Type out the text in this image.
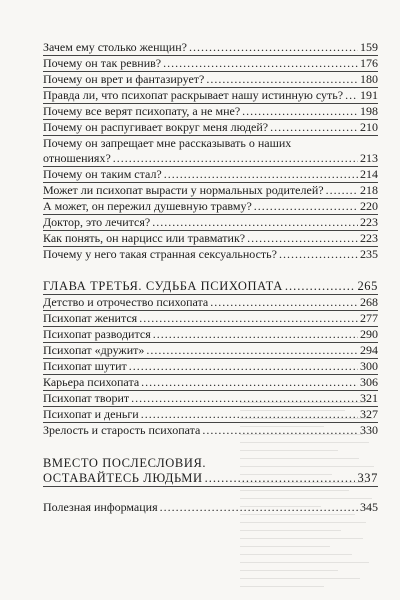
Зачем ему столько женщин? .....	159
Почему он так ревнив? .....	176
Почему он врет и фантазирует? .....	180
Правда ли, что психопат раскрывает нашу истинную суть? ..... 191
Почему все верят психопату, а не мне? .....	198
Почему он распугивает вокруг меня людей? .....	210
Почему он запрещает мне рассказывать о наших
отношениях? .....	213
Почему он таким стал? .....	214
Может ли психопат вырасти у нормальных родителей? .....	218
А может, он пережил душевную травму? .....	220
Доктор, это лечится? .....	223
Как понять, он нарцисс или травматик? .....	223
Почему у него такая странная сексуальность? .....	235
ГЛАВА ТРЕТЬЯ. СУДЬБА ПСИХОПАТА .....	265
Детство и отрочество психопата .....	268
Психопат женится .....	277
Психопат разводится .....	290
Психопат «дружит» .....	294
Психопат шутит .....	300
Карьера психопата .....	306
Психопат творит .....	321
Психопат и деньги .....	327
Зрелость и старость психопата .....	330
ВМЕСТО ПОСЛЕСЛОВИЯ.
ОСТАВАЙТЕСЬ ЛЮДЬМИ .....	337
Полезная информация .....	345
